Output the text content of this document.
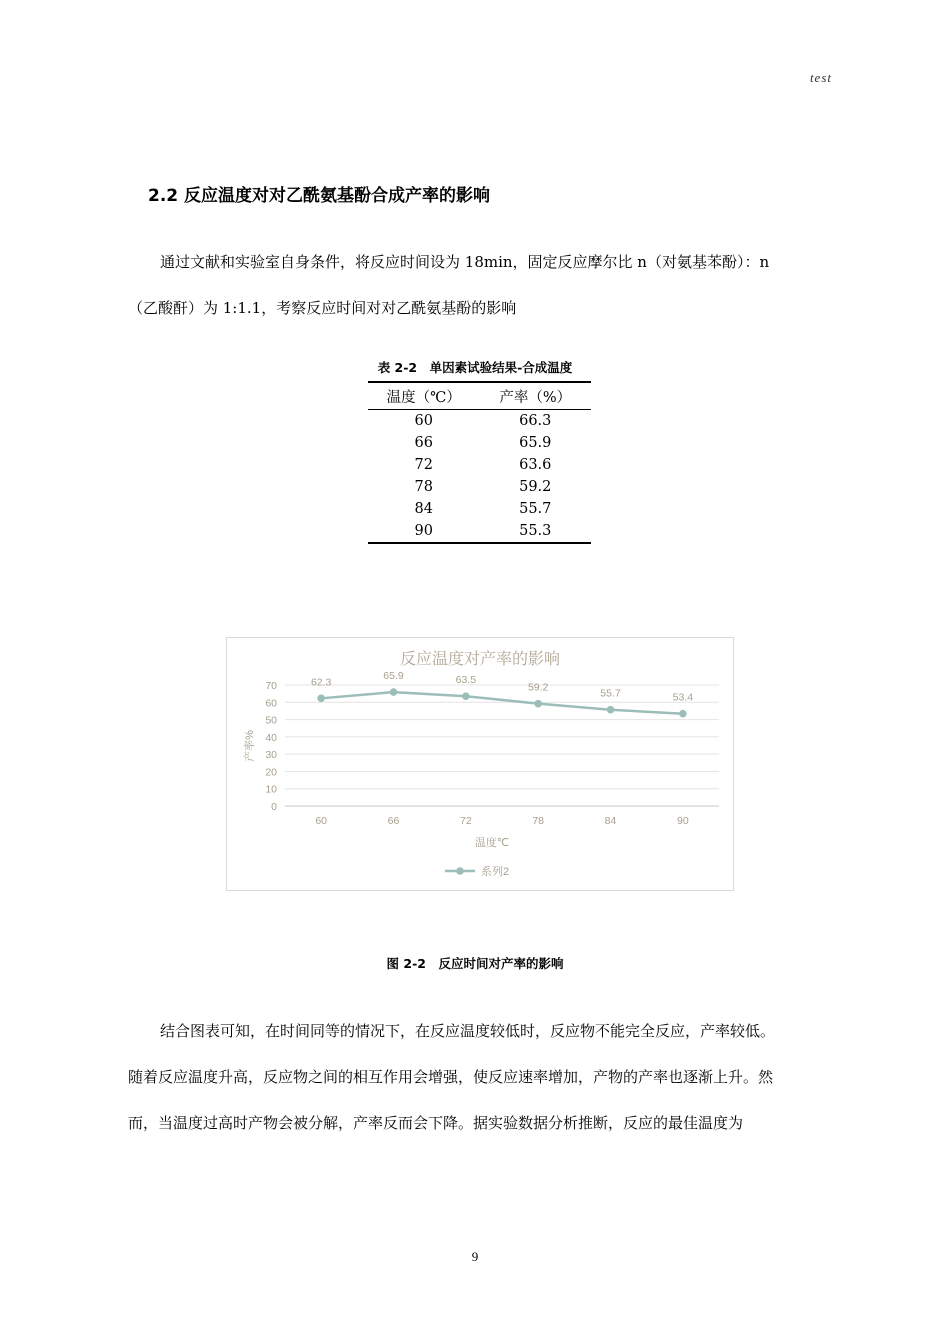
test
2.2 反应温度对对乙酰氨基酚合成产率的影响
通过文献和实验室自身条件，将反应时间设为 18min，固定反应摩尔比 n（对氨基苯酚）：n
（乙酸酐）为 1:1.1，考察反应时间对对乙酰氨基酚的影响
表 2-2　单因素试验结果-合成温度
温度（℃）	产率（%）
60	66.3
66	65.9
72	63.6
78	59.2
84	55.7
90	55.3
反应温度对产率的影响
0
10
20
30
40
50
60
70
60	66	72	78	84	90
温度℃
产率%
62.3
65.9	63.5
59.2
55.7	53.4
系列2
图 2-2　反应时间对产率的影响
结合图表可知，在时间同等的情况下，在反应温度较低时，反应物不能完全反应，产率较低。
随着反应温度升高，反应物之间的相互作用会增强，使反应速率增加，产物的产率也逐渐上升。然
而，当温度过高时产物会被分解，产率反而会下降。据实验数据分析推断，反应的最佳温度为
9
